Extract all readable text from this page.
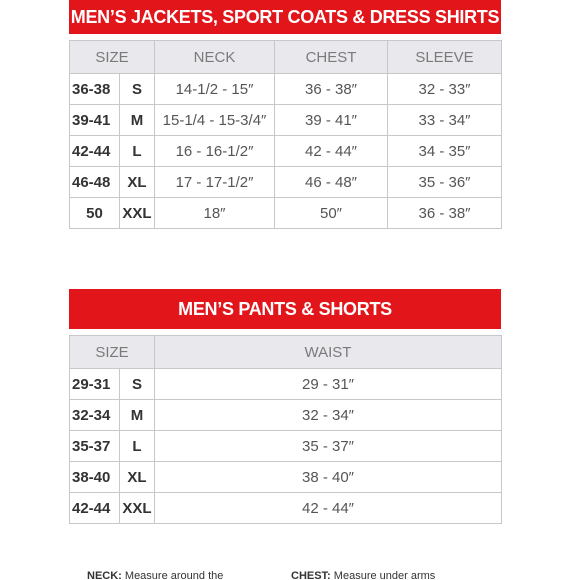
MEN’S JACKETS, SPORT COATS & DRESS SHIRTS
SIZE		NECK	CHEST	SLEEVE
36-38	S	14-1/2 - 15″	36 - 38″	32 - 33″
39-41	M	15-1/4 - 15-3/4″	39 - 41″	33 - 34″
42-44	L	16 - 16-1/2″	42 - 44″	34 - 35″
46-48	XL	17 - 17-1/2″	46 - 48″	35 - 36″
50	XXL	18″	50″	36 - 38″
MEN’S PANTS & SHORTS
SIZE		WAIST
29-31	S	29 - 31″
32-34	M	32 - 34″
35-37	L	35 - 37″
38-40	XL	38 - 40″
42-44	XXL	42 - 44″
NECK: Measure around the	CHEST: Measure under arms
